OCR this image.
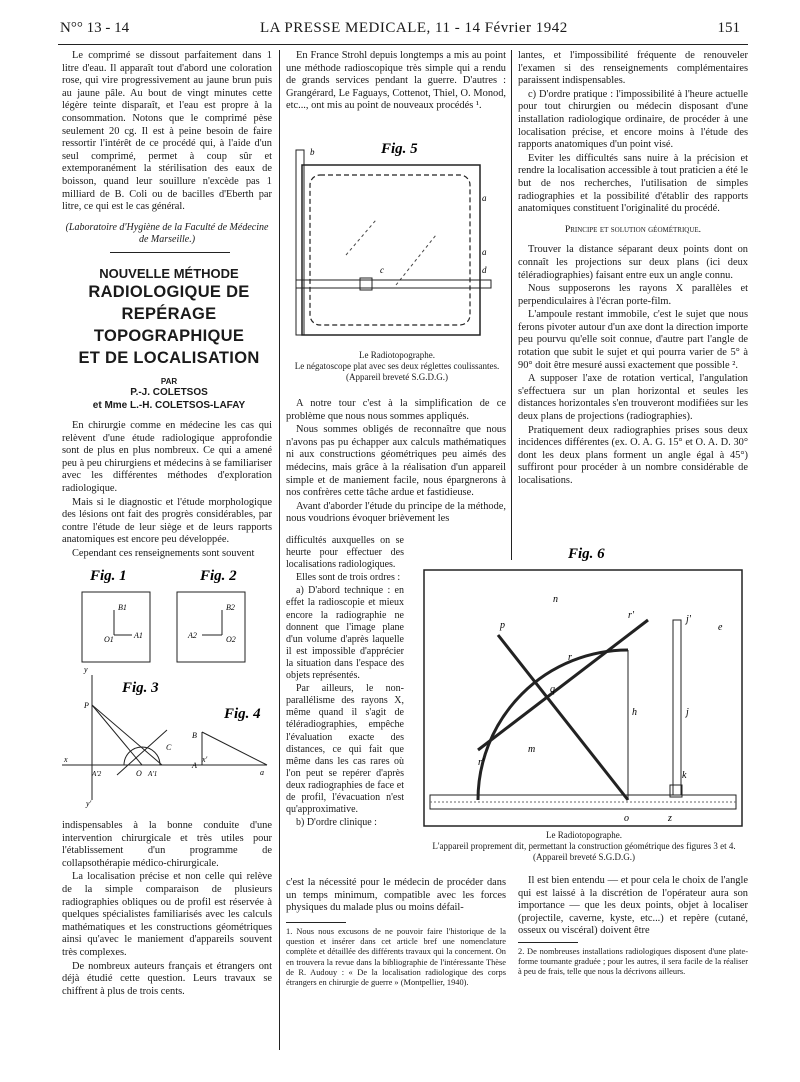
N°° 13 - 14	LA PRESSE MEDICALE, 11 - 14 Février 1942	151

Le comprimé se dissout parfaitement dans 1 litre d'eau. Il apparaît tout d'abord une coloration rose, qui vire progressivement au jaune brun puis au jaune pâle. Au bout de vingt minutes cette légère teinte disparaît, et l'eau est propre à la consommation. Notons que le comprimé pèse seulement 20 cg. Il est à peine besoin de faire ressortir l'intérêt de ce procédé qui, à l'aide d'un seul comprimé, permet à coup sûr et extemporanément la stérilisation des eaux de boisson, quand leur souillure n'excède pas 1 milliard de B. Coli ou de bacilles d'Eberth par litre, ce qui est le cas général.

(Laboratoire d'Hygiène de la Faculté de Médecine de Marseille.)
NOUVELLE MÉTHODE
RADIOLOGIQUE DE REPÉRAGE
TOPOGRAPHIQUE
ET DE LOCALISATION
PAR
P.-J. COLETSOS
et Mme L.-H. COLETSOS-LAFAY

En chirurgie comme en médecine les cas qui relèvent d'une étude radiologique approfondie sont de plus en plus nombreux. Ce qui a amené peu à peu chirurgiens et médecins à se familiariser avec les différentes méthodes d'exploration radiologique.

Mais si le diagnostic et l'étude morphologique des lésions ont fait des progrès considérables, par contre l'étude de leur siège et de leurs rapports anatomiques est encore peu développée.

Cependant ces renseignements sont souvent

Fig. 1
B1
O1	A1
Fig. 2
B2
A2	O2
Fig. 3
y
P
C
x
A'2	O A'1
x'
y'
Fig. 4
B
A
a

indispensables à la bonne conduite d'une intervention chirurgicale et très utiles pour l'établissement d'un programme de collapsothérapie médico-chirurgicale.

La localisation précise et non celle qui relève de la simple comparaison de plusieurs radiographies obliques ou de profil est réservée à quelques spécialistes familiarisés avec les calculs mathématiques et les constructions géométriques ainsi qu'avec le maniement d'appareils souvent très complexes.

De nombreux auteurs français et étrangers ont déjà étudié cette question. Leurs travaux se chiffrent à plus de trois cents.

En France Strohl depuis longtemps a mis au point une méthode radioscopique très simple qui a rendu de grands services pendant la guerre. D'autres : Grangérard, Le Faguays, Cottenot, Thiel, O. Monod, etc..., ont mis au point de nouveaux procédés ¹.

Fig. 5
b
a
a
c	d
Le Radiotopographe.
Le négatoscope plat avec ses deux réglettes coulissantes. (Appareil breveté S.G.D.G.)

A notre tour c'est à la simplification de ce problème que nous nous sommes appliqués.

Nous sommes obligés de reconnaître que nous n'avons pas pu échapper aux calculs mathématiques ni aux constructions géométriques peu aimés des médecins, mais grâce à la réalisation d'un appareil simple et de maniement facile, nous épargnerons à nos confrères cette tâche ardue et fastidieuse.

Avant d'aborder l'étude du principe de la méthode, nous voudrions évoquer brièvement les

difficultés auxquelles on se heurte pour effectuer des localisations radiologiques.

Elles sont de trois ordres :

a) D'abord technique : en effet la radioscopie et mieux encore la radiographie ne donnent que l'image plane d'un volume d'après laquelle il est impossible d'apprécier la situation dans l'espace des objets représentés.

Par ailleurs, le non-parallélisme des rayons X, même quand il s'agit de téléradiographies, empêche l'évaluation exacte des distances, ce qui fait que même dans les cas rares où l'on peut se repérer d'après deux radiographies de face et de profil, l'évacuation n'est qu'approximative.

b) D'ordre clinique :

c'est la nécessité pour le médecin de procéder dans un temps minimum, compatible avec les forces physiques du malade plus ou moins défail-

1. Nous nous excusons de ne pouvoir faire l'historique de la question et insérer dans cet article bref une nomenclature complète et détaillée des différents travaux qui la concernent. On en trouvera la revue dans la bibliographie de l'intéressante Thèse de R. Audouy : « De la localisation radiologique des corps étrangers en chirurgie de guerre » (Montpellier, 1940).

lantes, et l'impossibilité fréquente de renouveler l'examen si des renseignements complémentaires paraissent indispensables.

c) D'ordre pratique : l'impossibilité à l'heure actuelle pour tout chirurgien ou médecin disposant d'une installation radiologique ordinaire, de procéder à une localisation précise, et encore moins à l'étude des rapports anatomiques d'un point visé.

Eviter les difficultés sans nuire à la précision et rendre la localisation accessible à tout praticien a été le but de nos recherches, l'utilisation de simples radiographies et la possibilité d'établir des rapports anatomiques constituent l'originalité du procédé.

Principe et solution géométrique.

Trouver la distance séparant deux points dont on connaît les projections sur deux plans (ici deux téléradiographies) faisant entre eux un angle connu.

Nous supposerons les rayons X parallèles et perpendiculaires à l'écran porte-film.

L'ampoule restant immobile, c'est le sujet que nous ferons pivoter autour d'un axe dont la direction importe peu pourvu qu'elle soit connue, d'autre part l'angle de rotation que subit le sujet et qui pourra varier de 5° à 90° doit être mesuré aussi exactement que possible ².

A supposer l'axe de rotation vertical, l'angulation s'effectuera sur un plan horizontal et seules les distances horizontales s'en trouveront modifiées sur les deux plans de projections (radiographies).

Pratiquement deux radiographies prises sous deux incidences différentes (ex. O. A. G. 15° et O. A. D. 30° dont les deux plans forment un angle égal à 45°) suffiront pour procéder à un nombre considérable de localisations.

Fig. 6
n
p
r'
r
q
h
m
r'
o	z
j'
e
j
k
Le Radiotopographe.
L'appareil proprement dit, permettant la construction géométrique des figures 3 et 4. (Appareil breveté S.G.D.G.)

Il est bien entendu — et pour cela le choix de l'angle qui est laissé à la discrétion de l'opérateur aura son importance — que les deux points, objet à localiser (projectile, caverne, kyste, etc...) et repère (cutané, osseux ou viscéral) doivent être

2. De nombreuses installations radiologiques disposent d'une plate-forme tournante graduée ; pour les autres, il sera facile de la réaliser à peu de frais, telle que nous la décrivons ailleurs.
